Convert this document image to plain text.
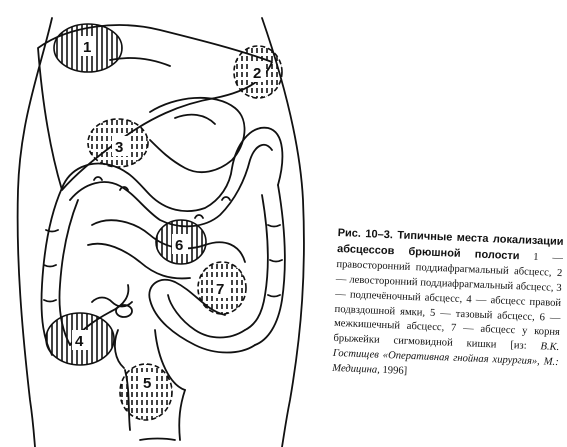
1
2
3
4
5
6
7
Рис. 10–3. Типичные места локализации абсцессов брюшной полости 1 — правосторонний поддиафрагмальный абсцесс, 2 — левосторонний поддиафрагмальный абсцесс, 3 — подпечёночный абсцесс, 4 — абсцесс правой подвздошной ямки, 5 — тазовый абсцесс, 6 — межкишечный абсцесс, 7 — абсцесс у корня брыжейки сигмовидной кишки [из: В.К. Гостищев «Оперативная гнойная хирургия», М.: Медицина, 1996]
